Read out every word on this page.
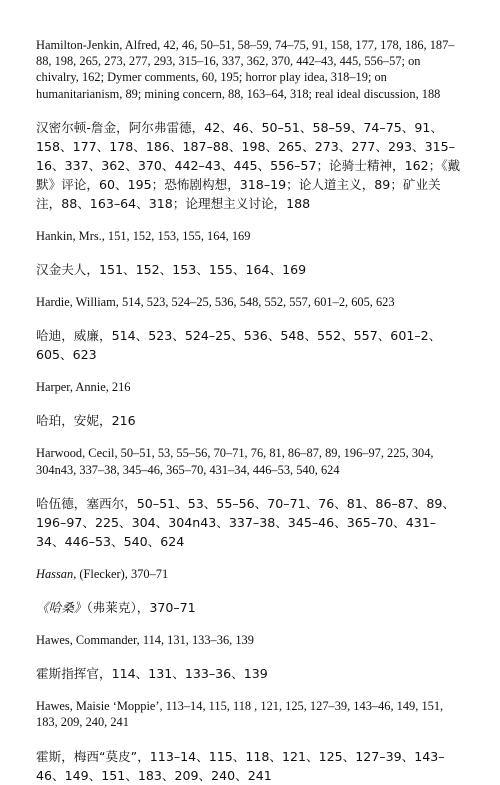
Hamilton-Jenkin, Alfred, 42, 46, 50–51, 58–59, 74–75, 91, 158, 177, 178, 186, 187–88, 198, 265, 273, 277, 293, 315–16, 337, 362, 370, 442–43, 445, 556–57; on chivalry, 162; Dymer comments, 60, 195; horror play idea, 318–19; on humanitarianism, 89; mining concern, 88, 163–64, 318; real ideal discussion, 188

汉密尔顿-詹金，阿尔弗雷德，42、46、50–51、58–59、74–75、91、158、177、178、186、187–88、198、265、273、277、293、315–16、337、362、370、442–43、445、556–57；论骑士精神，162；《戴默》评论，60、195；恐怖剧构想，318–19；论人道主义，89；矿业关注，88、163–64、318；论理想主义讨论，188

Hankin, Mrs., 151, 152, 153, 155, 164, 169

汉金夫人，151、152、153、155、164、169

Hardie, William, 514, 523, 524–25, 536, 548, 552, 557, 601–2, 605, 623

哈迪，威廉，514、523、524–25、536、548、552、557、601–2、605、623

Harper, Annie, 216

哈珀，安妮，216

Harwood, Cecil, 50–51, 53, 55–56, 70–71, 76, 81, 86–87, 89, 196–97, 225, 304, 304n43, 337–38, 345–46, 365–70, 431–34, 446–53, 540, 624

哈伍德，塞西尔，50–51、53、55–56、70–71、76、81、86–87、89、196–97、225、304、304n43、337–38、345–46、365–70、431–34、446–53、540、624

Hassan, (Flecker), 370–71

《哈桑》（弗莱克），370–71

Hawes, Commander, 114, 131, 133–36, 139

霍斯指挥官，114、131、133–36、139

Hawes, Maisie ‘Moppie’, 113–14, 115, 118 , 121, 125, 127–39, 143–46, 149, 151, 183, 209, 240, 241

霍斯，梅西“莫皮”，113–14、115、118、121、125、127–39、143–46、149、151、183、209、240、241
